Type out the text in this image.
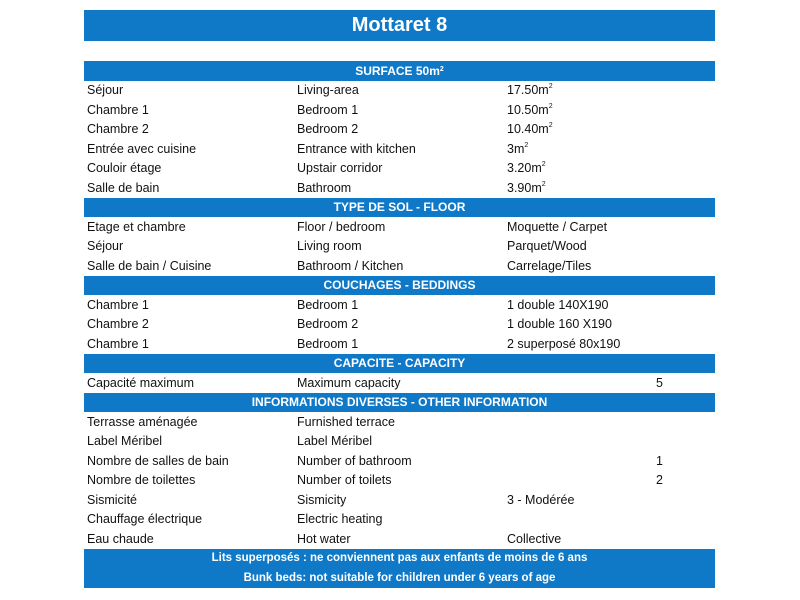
Mottaret 8
SURFACE $50m^2$
Séjour	Living-area	$17.50m^2$
Chambre 1	Bedroom 1	$10.50m^2$
Chambre 2	Bedroom 2	$10.40m^2$
Entrée avec cuisine	Entrance with kitchen	$3m^2$
Couloir étage	Upstair corridor	$3.20m^2$
Salle de bain	Bathroom	$3.90m^2$
TYPE DE SOL - FLOOR
Etage et chambre	Floor / bedroom	Moquette / Carpet
Séjour	Living room	Parquet/Wood
Salle de bain / Cuisine	Bathroom / Kitchen	Carrelage/Tiles
COUCHAGES - BEDDINGS
Chambre 1	Bedroom 1	1 double 140X190
Chambre 2	Bedroom 2	1 double 160 X190
Chambre 1	Bedroom 1	2 superposé 80x190
CAPACITE - CAPACITY
Capacité maximum	Maximum capacity	5
INFORMATIONS DIVERSES - OTHER INFORMATION
Terrasse aménagée	Furnished terrace
Label Méribel	Label Méribel
Nombre de salles de bain	Number of bathroom	1
Nombre de toilettes	Number of toilets	2
Sismicité	Sismicity	3 - Modérée
Chauffage électrique	Electric heating
Eau chaude	Hot water	Collective
Lits superposés : ne conviennent pas aux enfants de moins de 6 ans
Bunk beds: not suitable for children under 6 years of age
